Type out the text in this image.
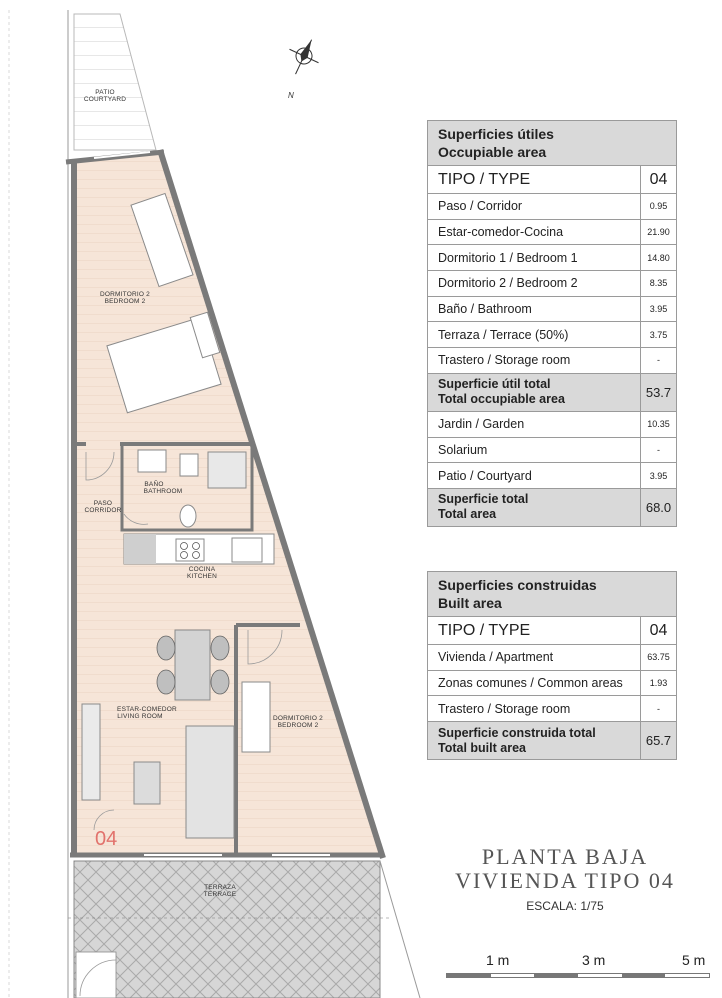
PATIO
COURTYARD
DORMITORIO 2
BEDROOM 2
BAÑO
BATHROOM
PASO
CORRIDOR
COCINA
KITCHEN
ESTAR-COMEDOR
LIVING ROOM	DORMITORIO 2
BEDROOM 2
04
TERRAZA
TERRACE
N
Superficies útiles
Occupiable area	

TIPO / TYPE	04
Paso / Corridor	0.95
Estar-comedor-Cocina	21.90
Dormitorio 1 / Bedroom 1	14.80
Dormitorio 2 / Bedroom 2	8.35
Baño / Bathroom	3.95
Terraza / Terrace (50%)	3.75
Trastero / Storage room	-

Superficie útil total
Total occupiable area	53.7
Jardin / Garden	10.35
Solarium	-
Patio / Courtyard	3.95

Superficie total
Total area	68.0
Superficies construidas
Built area	

TIPO / TYPE	04
Vivienda / Apartment	63.75
Zonas comunes / Common areas	1.93
Trastero / Storage room	-

Superficie construida total
Total built area	65.7
PLANTA BAJA
VIVIENDA TIPO 04
ESCALA: 1/75
1 m	3 m	5 m
